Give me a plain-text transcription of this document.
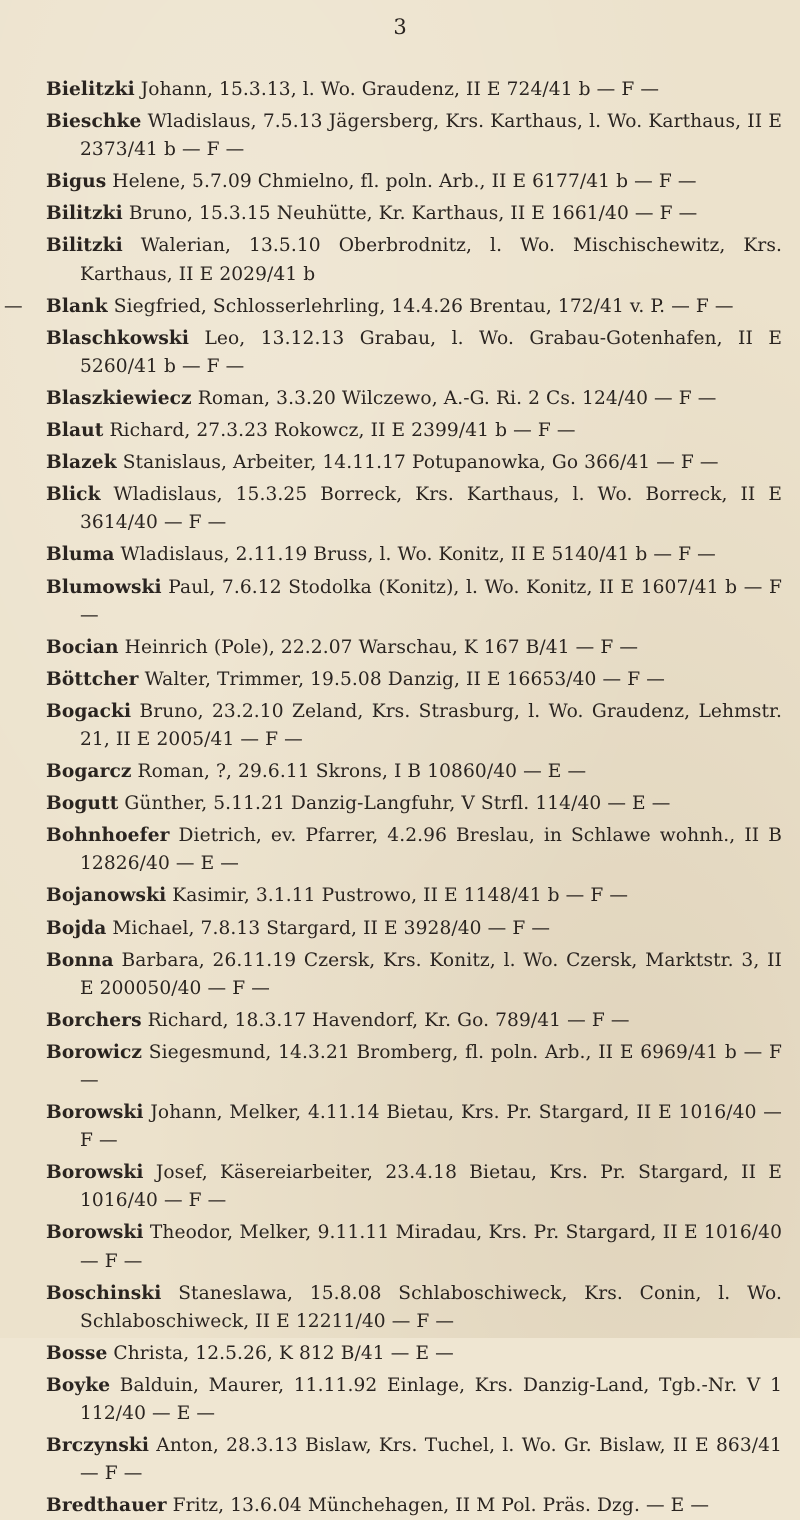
3
Bielitzki Johann, 15.3.13, l. Wo. Graudenz, II E 724/41 b — F —
Bieschke Wladislaus, 7.5.13 Jägersberg, Krs. Karthaus, l. Wo. Karthaus, II E 2373/41 b — F —
Bigus Helene, 5.7.09 Chmielno, fl. poln. Arb., II E 6177/41 b — F —
Bilitzki Bruno, 15.3.15 Neuhütte, Kr. Karthaus, II E 1661/40 — F —
Bilitzki Walerian, 13.5.10 Oberbrodnitz, l. Wo. Mischischewitz, Krs. Karthaus, II E 2029/41 b
— Blank Siegfried, Schlosserlehrling, 14.4.26 Brentau, 172/41 v. P. — F —
Blaschkowski Leo, 13.12.13 Grabau, l. Wo. Grabau-Gotenhafen, II E 5260/41 b — F —
Blaszkiewiecz Roman, 3.3.20 Wilczewo, A.-G. Ri. 2 Cs. 124/40 — F —
Blaut Richard, 27.3.23 Rokowcz, II E 2399/41 b — F —
Blazek Stanislaus, Arbeiter, 14.11.17 Potupanowka, Go 366/41 — F —
Blick Wladislaus, 15.3.25 Borreck, Krs. Karthaus, l. Wo. Borreck, II E 3614/40 — F —
Bluma Wladislaus, 2.11.19 Bruss, l. Wo. Konitz, II E 5140/41 b — F —
Blumowski Paul, 7.6.12 Stodolka (Konitz), l. Wo. Konitz, II E 1607/41 b — F —
Bocian Heinrich (Pole), 22.2.07 Warschau, K 167 B/41 — F —
Böttcher Walter, Trimmer, 19.5.08 Danzig, II E 16653/40 — F —
Bogacki Bruno, 23.2.10 Zeland, Krs. Strasburg, l. Wo. Graudenz, Lehmstr. 21, II E 2005/41 — F —
Bogarcz Roman, ?, 29.6.11 Skrons, I B 10860/40 — E —
Bogutt Günther, 5.11.21 Danzig-Langfuhr, V Strfl. 114/40 — E —
Bohnhoefer Dietrich, ev. Pfarrer, 4.2.96 Breslau, in Schlawe wohnh., II B 12826/40 — E —
Bojanowski Kasimir, 3.1.11 Pustrowo, II E 1148/41 b — F —
Bojda Michael, 7.8.13 Stargard, II E 3928/40 — F —
Bonna Barbara, 26.11.19 Czersk, Krs. Konitz, l. Wo. Czersk, Marktstr. 3, II E 200050/40 — F —
Borchers Richard, 18.3.17 Havendorf, Kr. Go. 789/41 — F —
Borowicz Siegesmund, 14.3.21 Bromberg, fl. poln. Arb., II E 6969/41 b — F —
Borowski Johann, Melker, 4.11.14 Bietau, Krs. Pr. Stargard, II E 1016/40 — F —
Borowski Josef, Käsereiarbeiter, 23.4.18 Bietau, Krs. Pr. Stargard, II E 1016/40 — F —
Borowski Theodor, Melker, 9.11.11 Miradau, Krs. Pr. Stargard, II E 1016/40 — F —
Boschinski Staneslawa, 15.8.08 Schlaboschiweck, Krs. Conin, l. Wo. Schlaboschiweck, II E 12211/40 — F —
Bosse Christa, 12.5.26, K 812 B/41 — E —
Boyke Balduin, Maurer, 11.11.92 Einlage, Krs. Danzig-Land, Tgb.-Nr. V 1 112/40 — E —
Brczynski Anton, 28.3.13 Bislaw, Krs. Tuchel, l. Wo. Gr. Bislaw, II E 863/41 — F —
Bredthauer Fritz, 13.6.04 Münchehagen, II M Pol. Präs. Dzg. — E —
